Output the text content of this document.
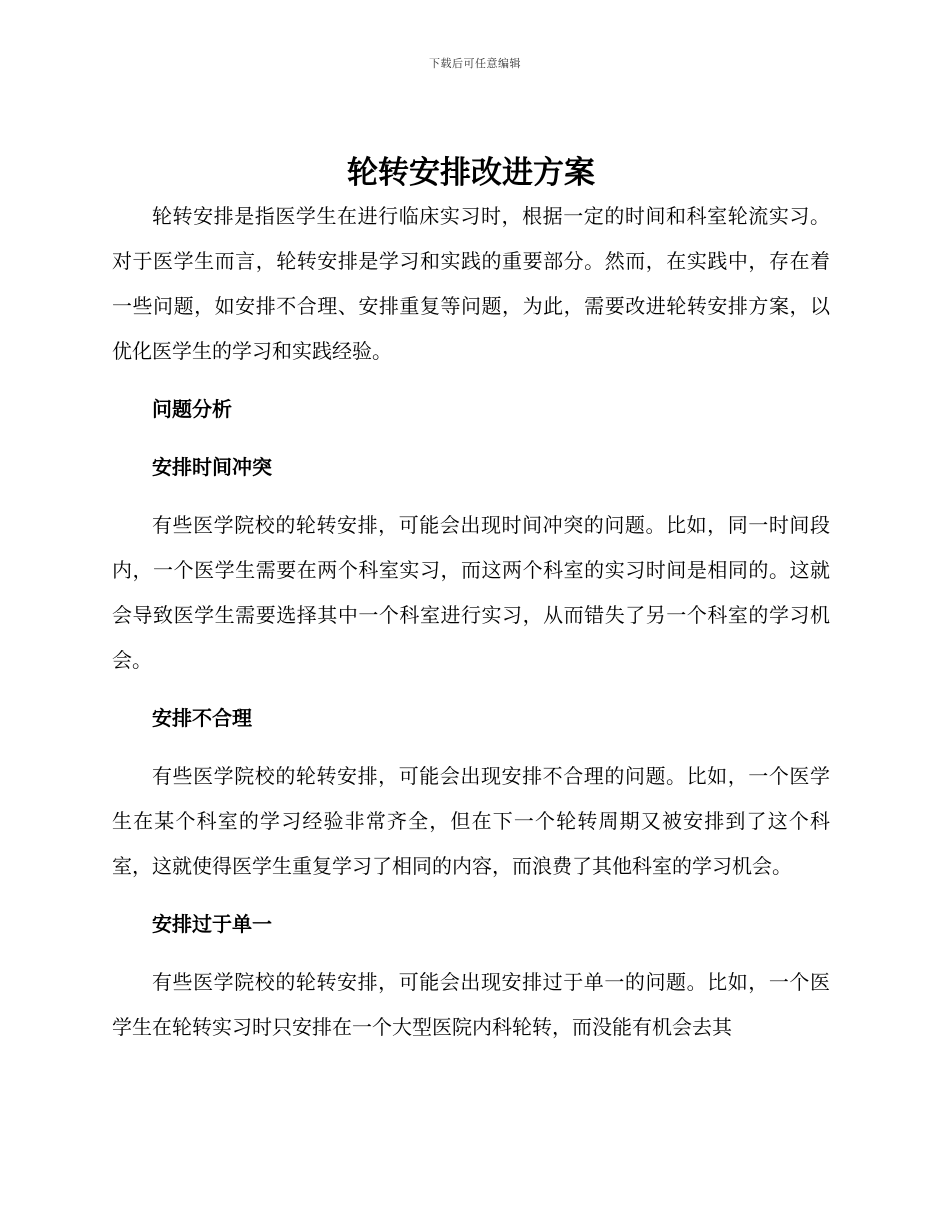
下载后可任意编辑
轮转安排改进方案

轮转安排是指医学生在进行临床实习时，根据一定的时间和科室轮流实习。对于医学生而言，轮转安排是学习和实践的重要部分。然而，在实践中，存在着一些问题，如安排不合理、安排重复等问题，为此，需要改进轮转安排方案，以优化医学生的学习和实践经验。

问题分析
安排时间冲突

有些医学院校的轮转安排，可能会出现时间冲突的问题。比如，同一时间段内，一个医学生需要在两个科室实习，而这两个科室的实习时间是相同的。这就会导致医学生需要选择其中一个科室进行实习，从而错失了另一个科室的学习机会。

安排不合理

有些医学院校的轮转安排，可能会出现安排不合理的问题。比如，一个医学生在某个科室的学习经验非常齐全，但在下一个轮转周期又被安排到了这个科室，这就使得医学生重复学习了相同的内容，而浪费了其他科室的学习机会。

安排过于单一

有些医学院校的轮转安排，可能会出现安排过于单一的问题。比如，一个医学生在轮转实习时只安排在一个大型医院内科轮转，而没能有机会去其
